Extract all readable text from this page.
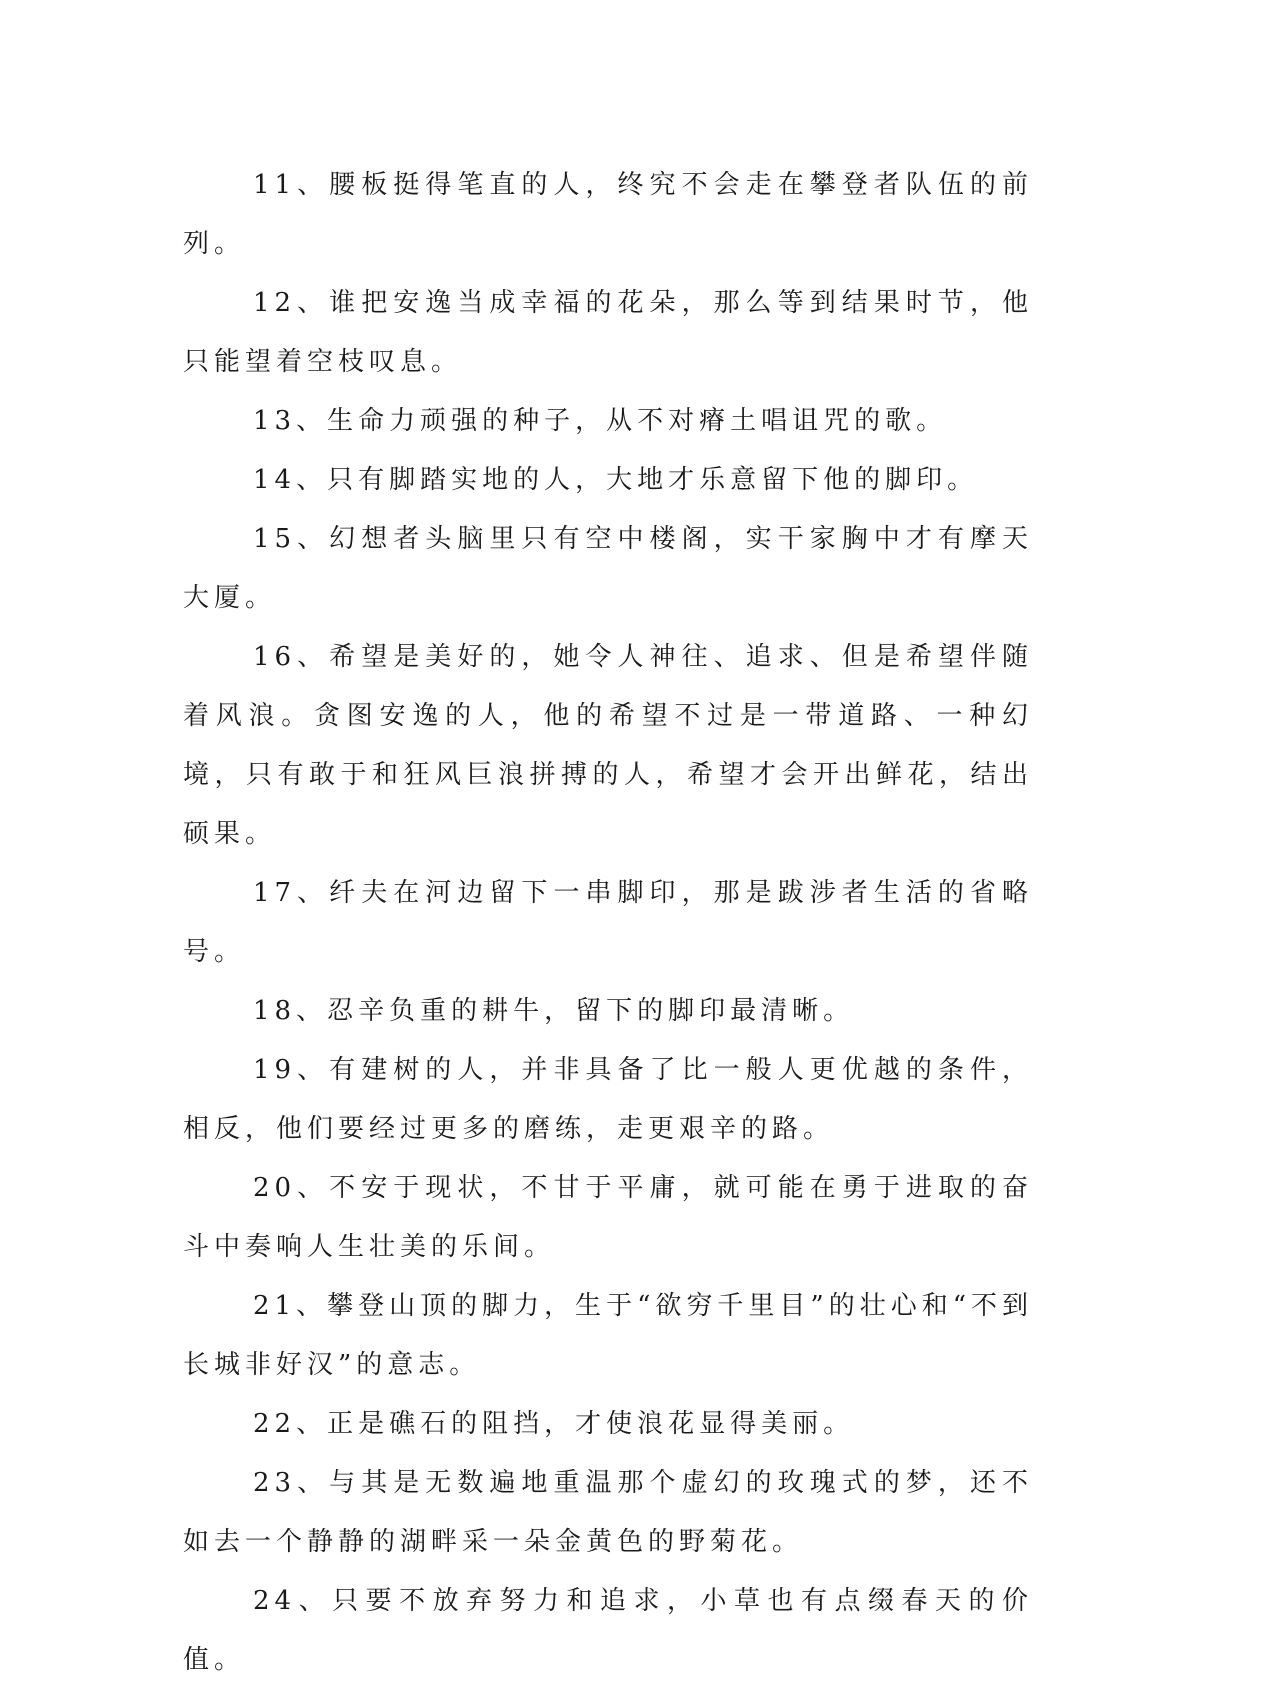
11、腰板挺得笔直的人，终究不会走在攀登者队伍的前列。

12、谁把安逸当成幸福的花朵，那么等到结果时节，他只能望着空枝叹息。

13、生命力顽强的种子，从不对瘠土唱诅咒的歌。

14、只有脚踏实地的人，大地才乐意留下他的脚印。

15、幻想者头脑里只有空中楼阁，实干家胸中才有摩天大厦。

16、希望是美好的，她令人神往、追求、但是希望伴随着风浪。贪图安逸的人，他的希望不过是一带道路、一种幻境，只有敢于和狂风巨浪拼搏的人，希望才会开出鲜花，结出硕果。

17、纤夫在河边留下一串脚印，那是跋涉者生活的省略号。

18、忍辛负重的耕牛，留下的脚印最清晰。

19、有建树的人，并非具备了比一般人更优越的条件，相反，他们要经过更多的磨练，走更艰辛的路。

20、不安于现状，不甘于平庸，就可能在勇于进取的奋斗中奏响人生壮美的乐间。

21、攀登山顶的脚力，生于“欲穷千里目”的壮心和“不到长城非好汉”的意志。

22、正是礁石的阻挡，才使浪花显得美丽。

23、与其是无数遍地重温那个虚幻的玫瑰式的梦，还不如去一个静静的湖畔采一朵金黄色的野菊花。

24、只要不放弃努力和追求，小草也有点缀春天的价值。
